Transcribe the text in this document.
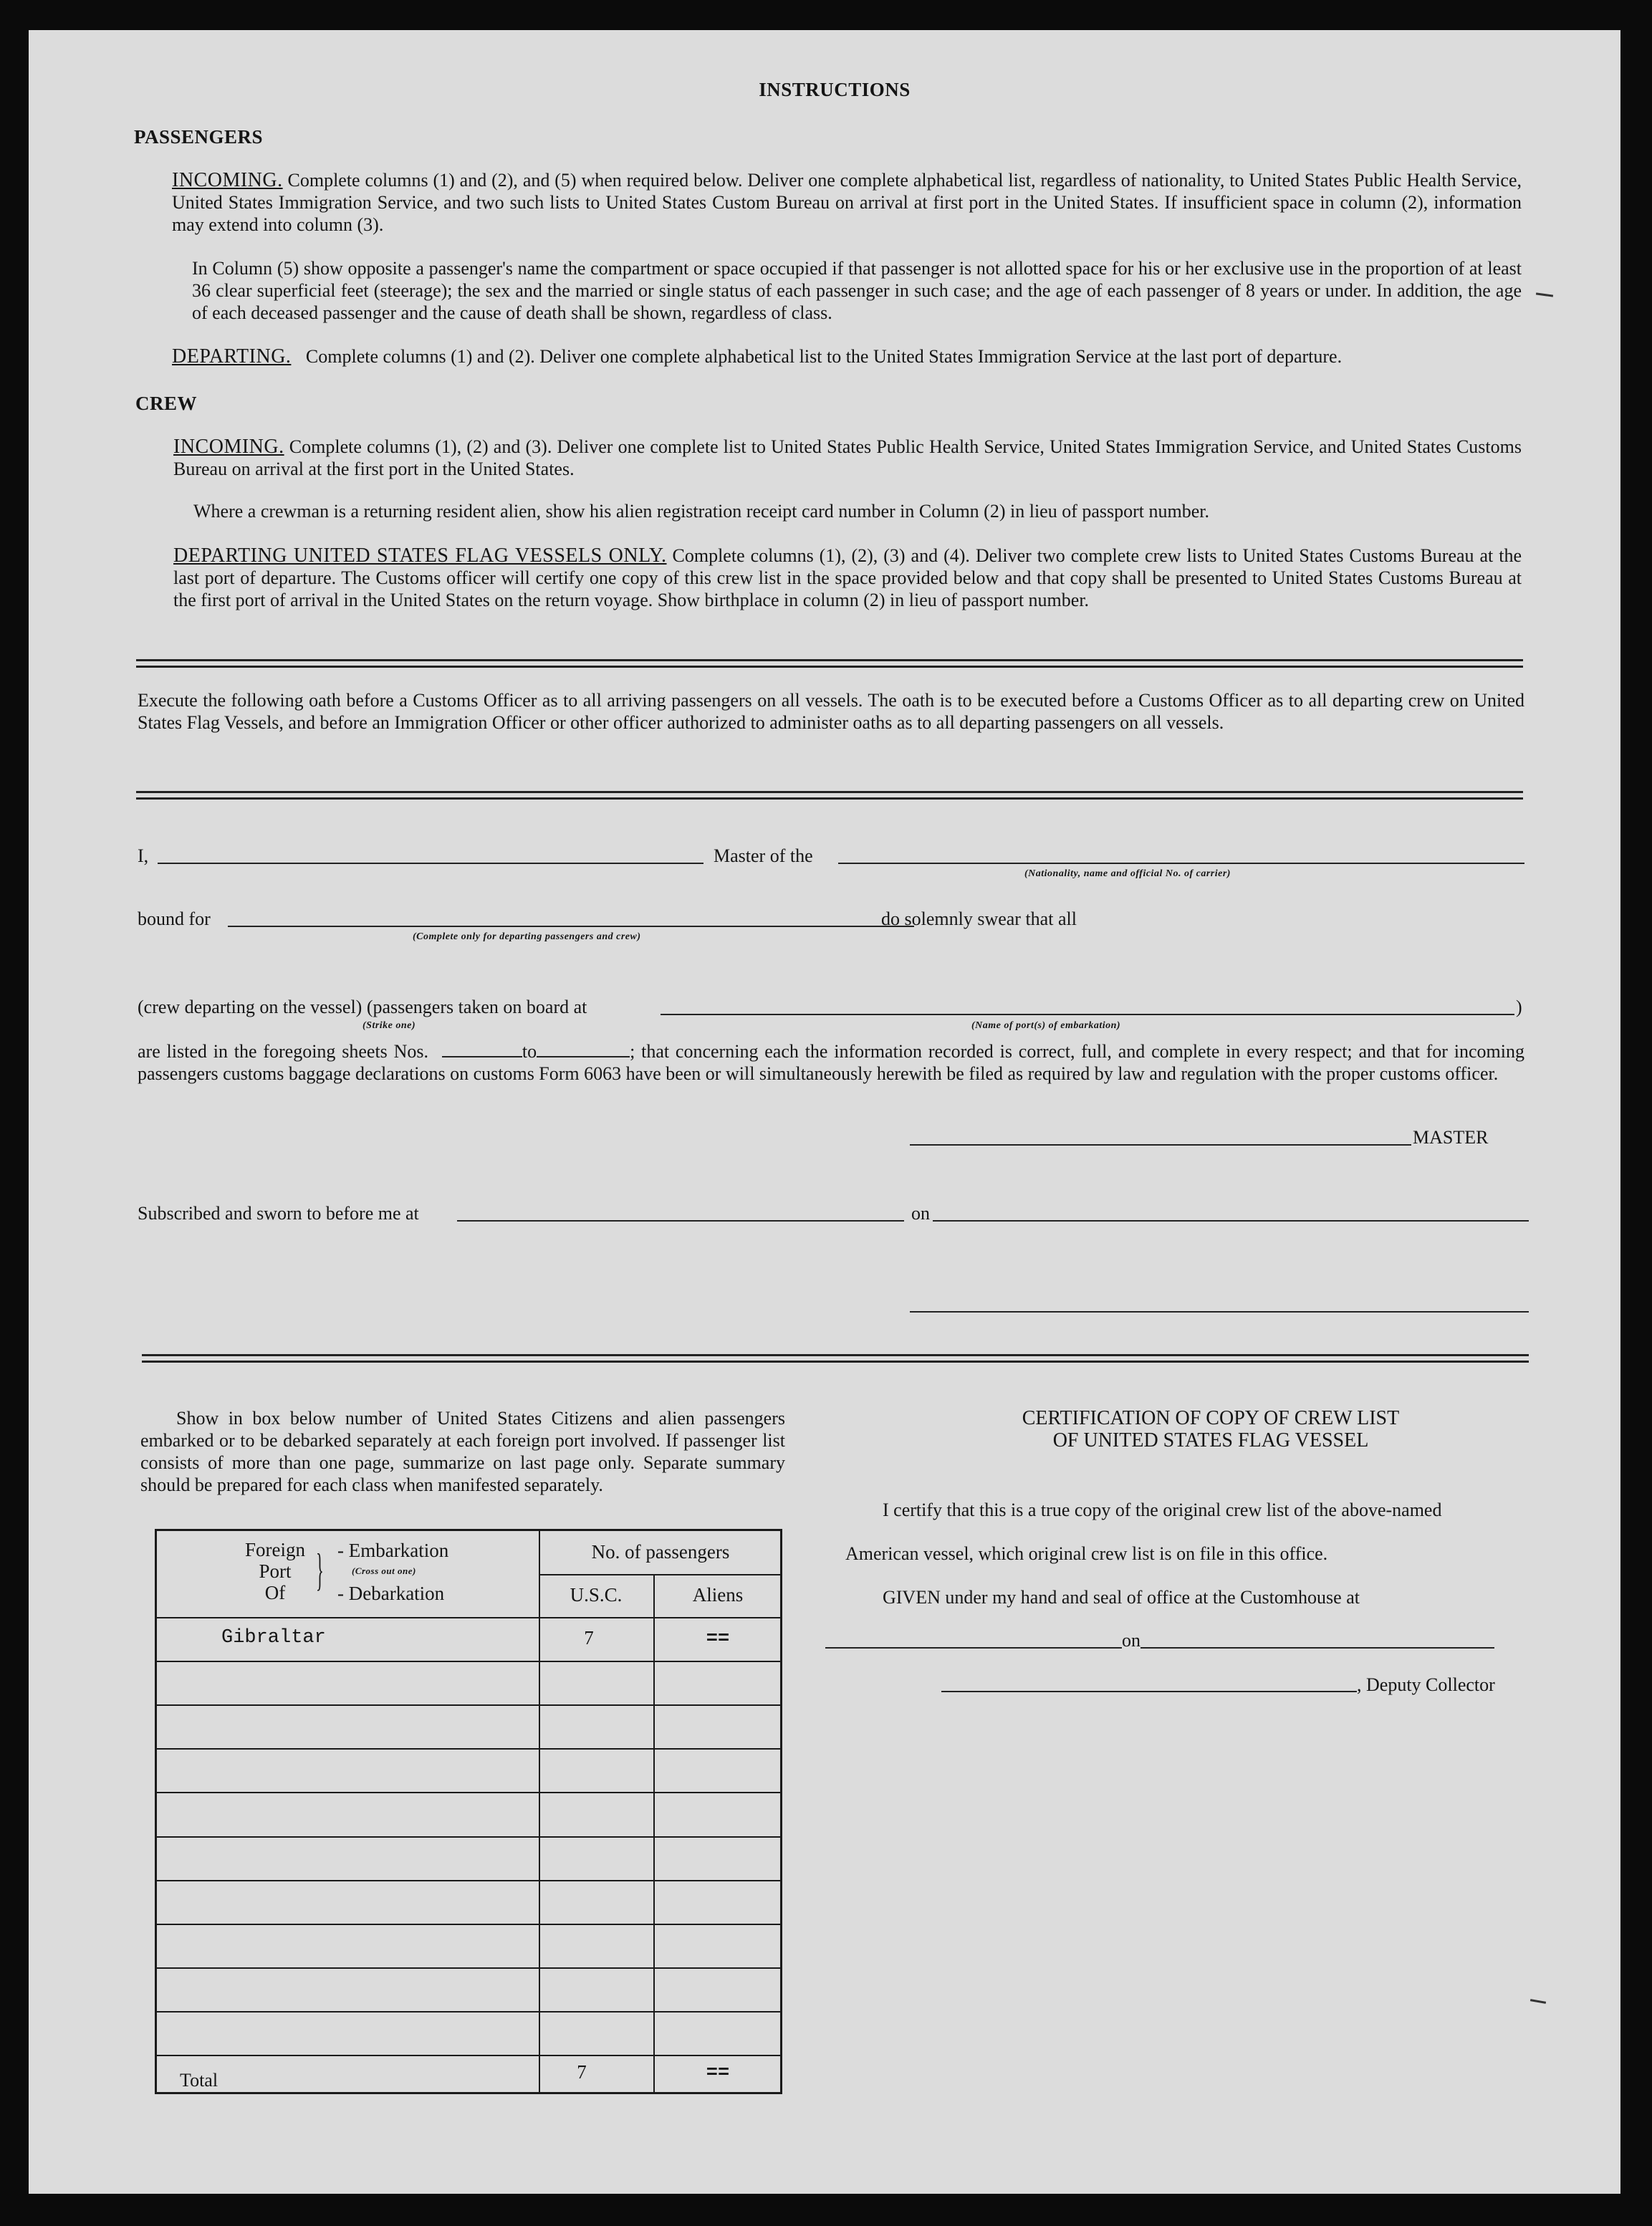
INSTRUCTIONS
PASSENGERS
INCOMING. Complete columns (1) and (2), and (5) when required below. Deliver one complete alphabetical list, regardless of nationality, to United States Public Health Service, United States Immigration Service, and two such lists to United States Custom Bureau on arrival at first port in the United States. If insufficient space in column (2), information may extend into column (3).
In Column (5) show opposite a passenger's name the compartment or space occupied if that passenger is not allotted space for his or her exclusive use in the proportion of at least 36 clear superficial feet (steerage); the sex and the married or single status of each passenger in such case; and the age of each passenger of 8 years or under. In addition, the age of each deceased passenger and the cause of death shall be shown, regardless of class.
DEPARTING. Complete columns (1) and (2). Deliver one complete alphabetical list to the United States Immigration Service at the last port of departure.
CREW
INCOMING. Complete columns (1), (2) and (3). Deliver one complete list to United States Public Health Service, United States Immigration Service, and United States Customs Bureau on arrival at the first port in the United States.
Where a crewman is a returning resident alien, show his alien registration receipt card number in Column (2) in lieu of passport number.
DEPARTING UNITED STATES FLAG VESSELS ONLY. Complete columns (1), (2), (3) and (4). Deliver two complete crew lists to United States Customs Bureau at the last port of departure. The Customs officer will certify one copy of this crew list in the space provided below and that copy shall be presented to United States Customs Bureau at the first port of arrival in the United States on the return voyage. Show birthplace in column (2) in lieu of passport number.
Execute the following oath before a Customs Officer as to all arriving passengers on all vessels. The oath is to be executed before a Customs Officer as to all departing crew on United States Flag Vessels, and before an Immigration Officer or other officer authorized to administer oaths as to all departing passengers on all vessels.
I,	Master of the
(Nationality, name and official No. of carrier)
bound for	do solemnly swear that all
(Complete only for departing passengers and crew)
(crew departing on the vessel) (passengers taken on board at	)
(Strike one)	(Name of port(s) of embarkation)
are listed in the foregoing sheets Nos.	to	; that concerning each the information recorded is correct, full, and complete in every respect; and that for incoming passengers customs baggage declarations on customs Form 6063 have been or will simultaneously herewith be filed as required by law and regulation with the proper customs officer.
MASTER
Subscribed and sworn to before me at	on
Show in box below number of United States Citizens and alien passengers embarked or to be debarked separately at each foreign port involved. If passenger list consists of more than one page, summarize on last page only. Separate summary should be prepared for each class when manifested separately.
Foreign
Port
Of } - Embarkation
(Cross out one)
- Debarkation
No. of passengers
U.S.C.	Aliens
Gibraltar	7	==
Total	7	==
CERTIFICATION OF COPY OF CREW LIST
OF UNITED STATES FLAG VESSEL
I certify that this is a true copy of the original crew list of the above-named
American vessel, which original crew list is on file in this office.
GIVEN under my hand and seal of office at the Customhouse at
on
, Deputy Collector
